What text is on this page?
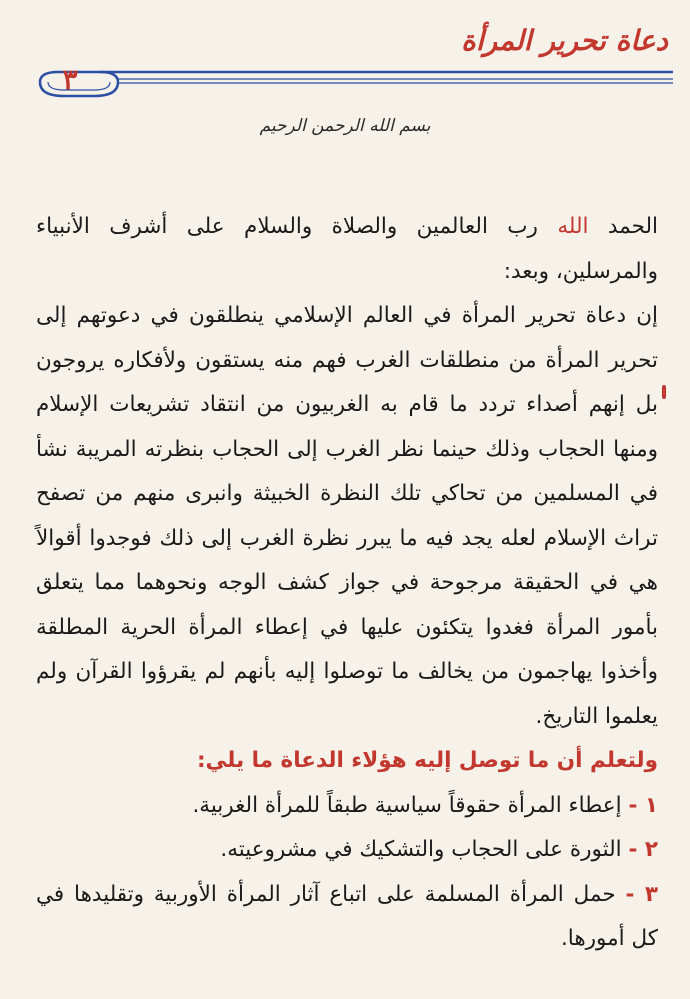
دعاة تحرير المرأة
٣
بسم الله الرحمن الرحيم

الحمد الله رب العالمين والصلاة والسلام على أشرف الأنبياء والمرسلين، وبعد:

إن دعاة تحرير المرأة في العالم الإسلامي ينطلقون في دعوتهم إلى تحرير المرأة من منطلقات الغرب فهم منه يستقون ولأفكاره يروجون بل إنهم أصداء تردد ما قام به الغربيون من انتقاد تشريعات الإسلام ومنها الحجاب وذلك حينما نظر الغرب إلى الحجاب بنظرته المريبة نشأ في المسلمين من تحاكي تلك النظرة الخبيثة وانبرى منهم من تصفح تراث الإسلام لعله يجد فيه ما يبرر نظرة الغرب إلى ذلك فوجدوا أقوالاً هي في الحقيقة مرجوحة في جواز كشف الوجه ونحوهما مما يتعلق بأمور المرأة فغدوا يتكئون عليها في إعطاء المرأة الحرية المطلقة وأخذوا يهاجمون من يخالف ما توصلوا إليه بأنهم لم يقرؤوا القرآن ولم يعلموا التاريخ.

ولتعلم أن ما توصل إليه هؤلاء الدعاة ما يلي:

١ - إعطاء المرأة حقوقاً سياسية طبقاً للمرأة الغربية.

٢ - الثورة على الحجاب والتشكيك في مشروعيته.

٣ - حمل المرأة المسلمة على اتباع آثار المرأة الأوربية وتقليدها في كل أمورها.
